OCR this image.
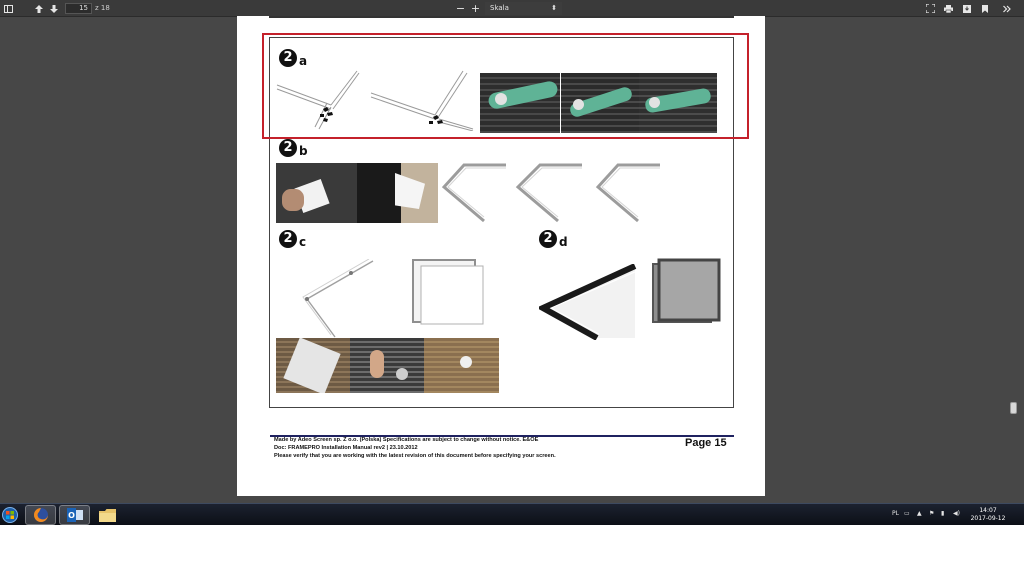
15	z 18	− +	Skala	⬍
2 a
2 b
2 c	2 d
Made by Adeo Screen sp. Z o.o. (Polska) Specifications are subject to change without notice. E&OE
Doc: FRAMEPRO Installation Manual rev2 | 23.10.2012
Please verify that you are working with the latest revision of this document before specifying your screen.
Page 15
O	PL ▭ ▲ ⚑ ▮ ◀)	14:07
2017-09-12
